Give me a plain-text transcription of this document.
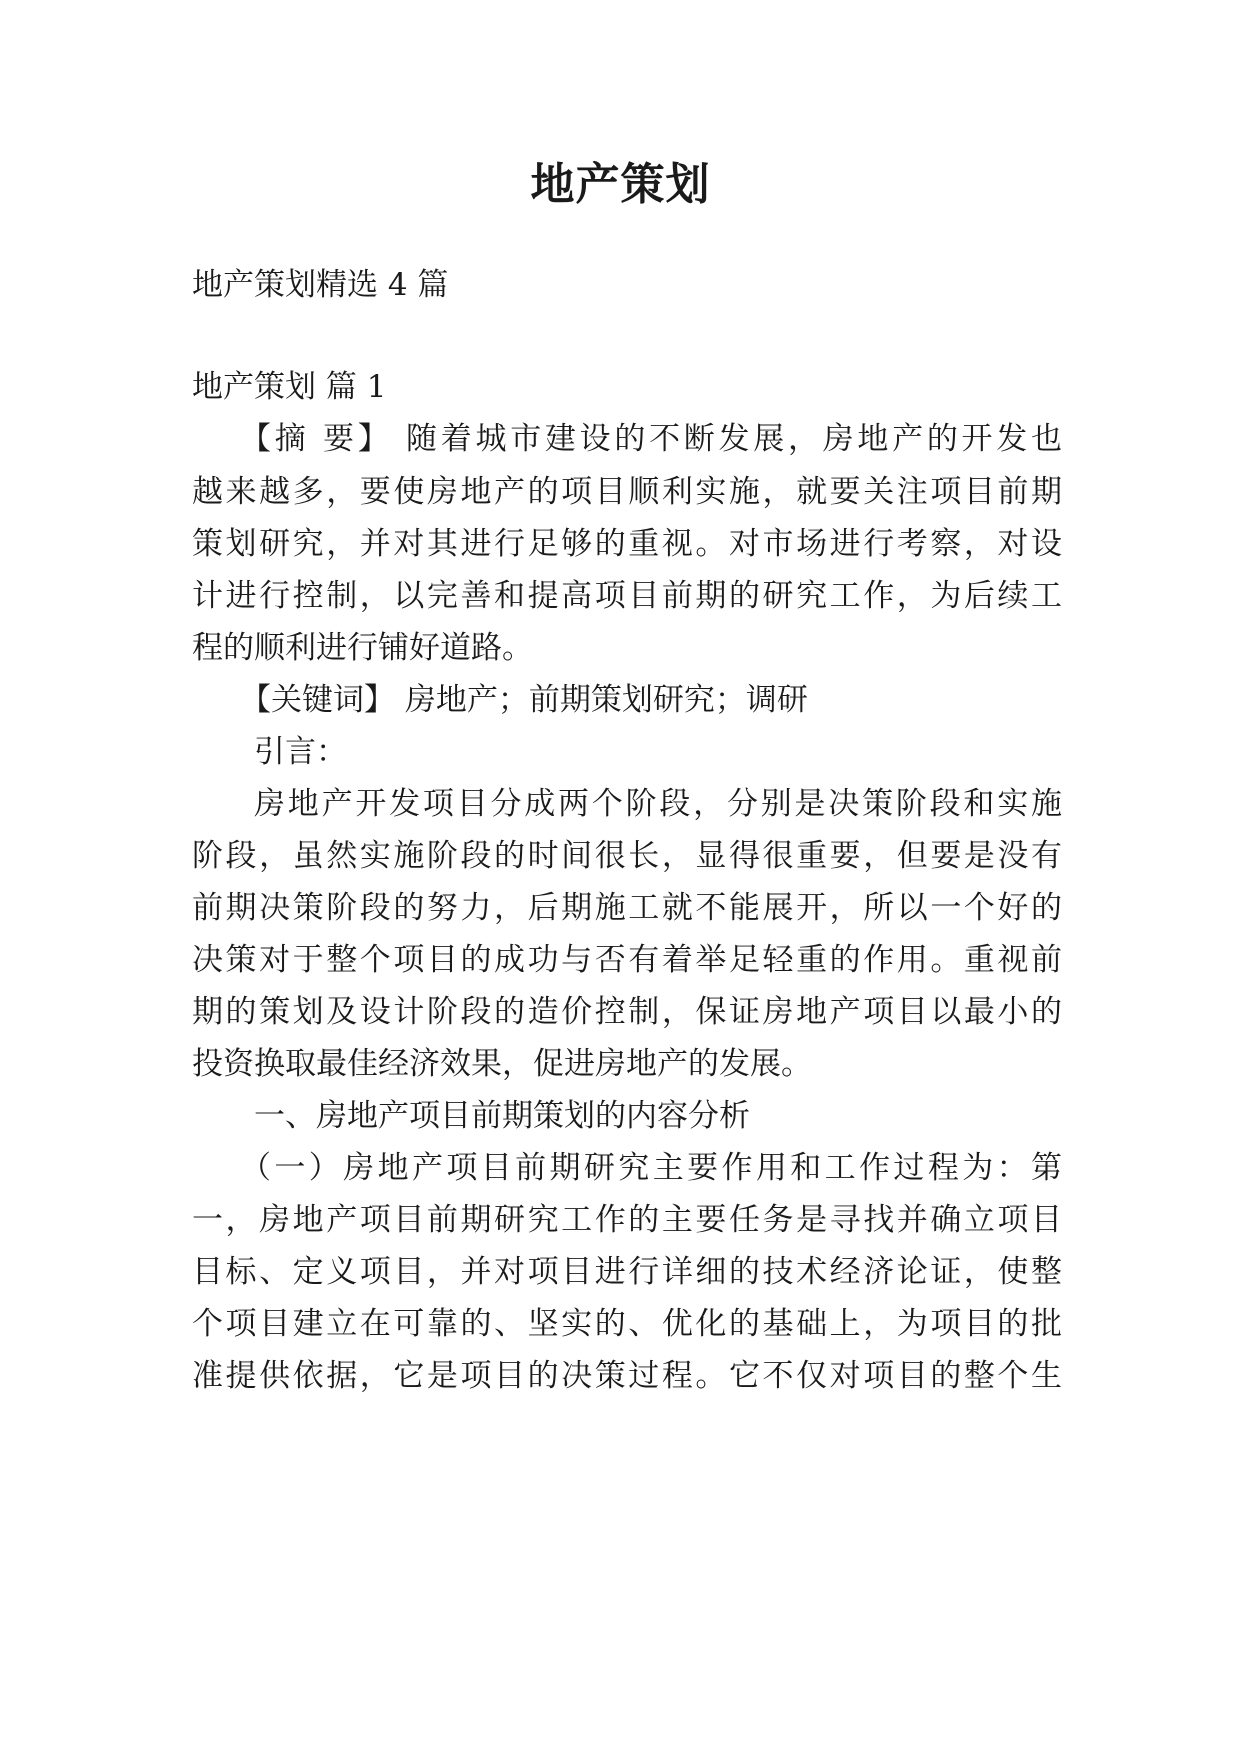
地产策划
地产策划精选 4 篇
地产策划 篇 1
【摘 要】 随着城市建设的不断发展，房地产的开发也
越来越多，要使房地产的项目顺利实施，就要关注项目前期
策划研究，并对其进行足够的重视。对市场进行考察，对设
计进行控制，以完善和提高项目前期的研究工作，为后续工
程的顺利进行铺好道路。
【关键词】 房地产；前期策划研究；调研
引言：
房地产开发项目分成两个阶段，分别是决策阶段和实施
阶段，虽然实施阶段的时间很长，显得很重要，但要是没有
前期决策阶段的努力，后期施工就不能展开，所以一个好的
决策对于整个项目的成功与否有着举足轻重的作用。重视前
期的策划及设计阶段的造价控制，保证房地产项目以最小的
投资换取最佳经济效果，促进房地产的发展。
一、房地产项目前期策划的内容分析
（一）房地产项目前期研究主要作用和工作过程为：第
一，房地产项目前期研究工作的主要任务是寻找并确立项目
目标、定义项目，并对项目进行详细的技术经济论证，使整
个项目建立在可靠的、坚实的、优化的基础上，为项目的批
准提供依据，它是项目的决策过程。它不仅对项目的整个生
